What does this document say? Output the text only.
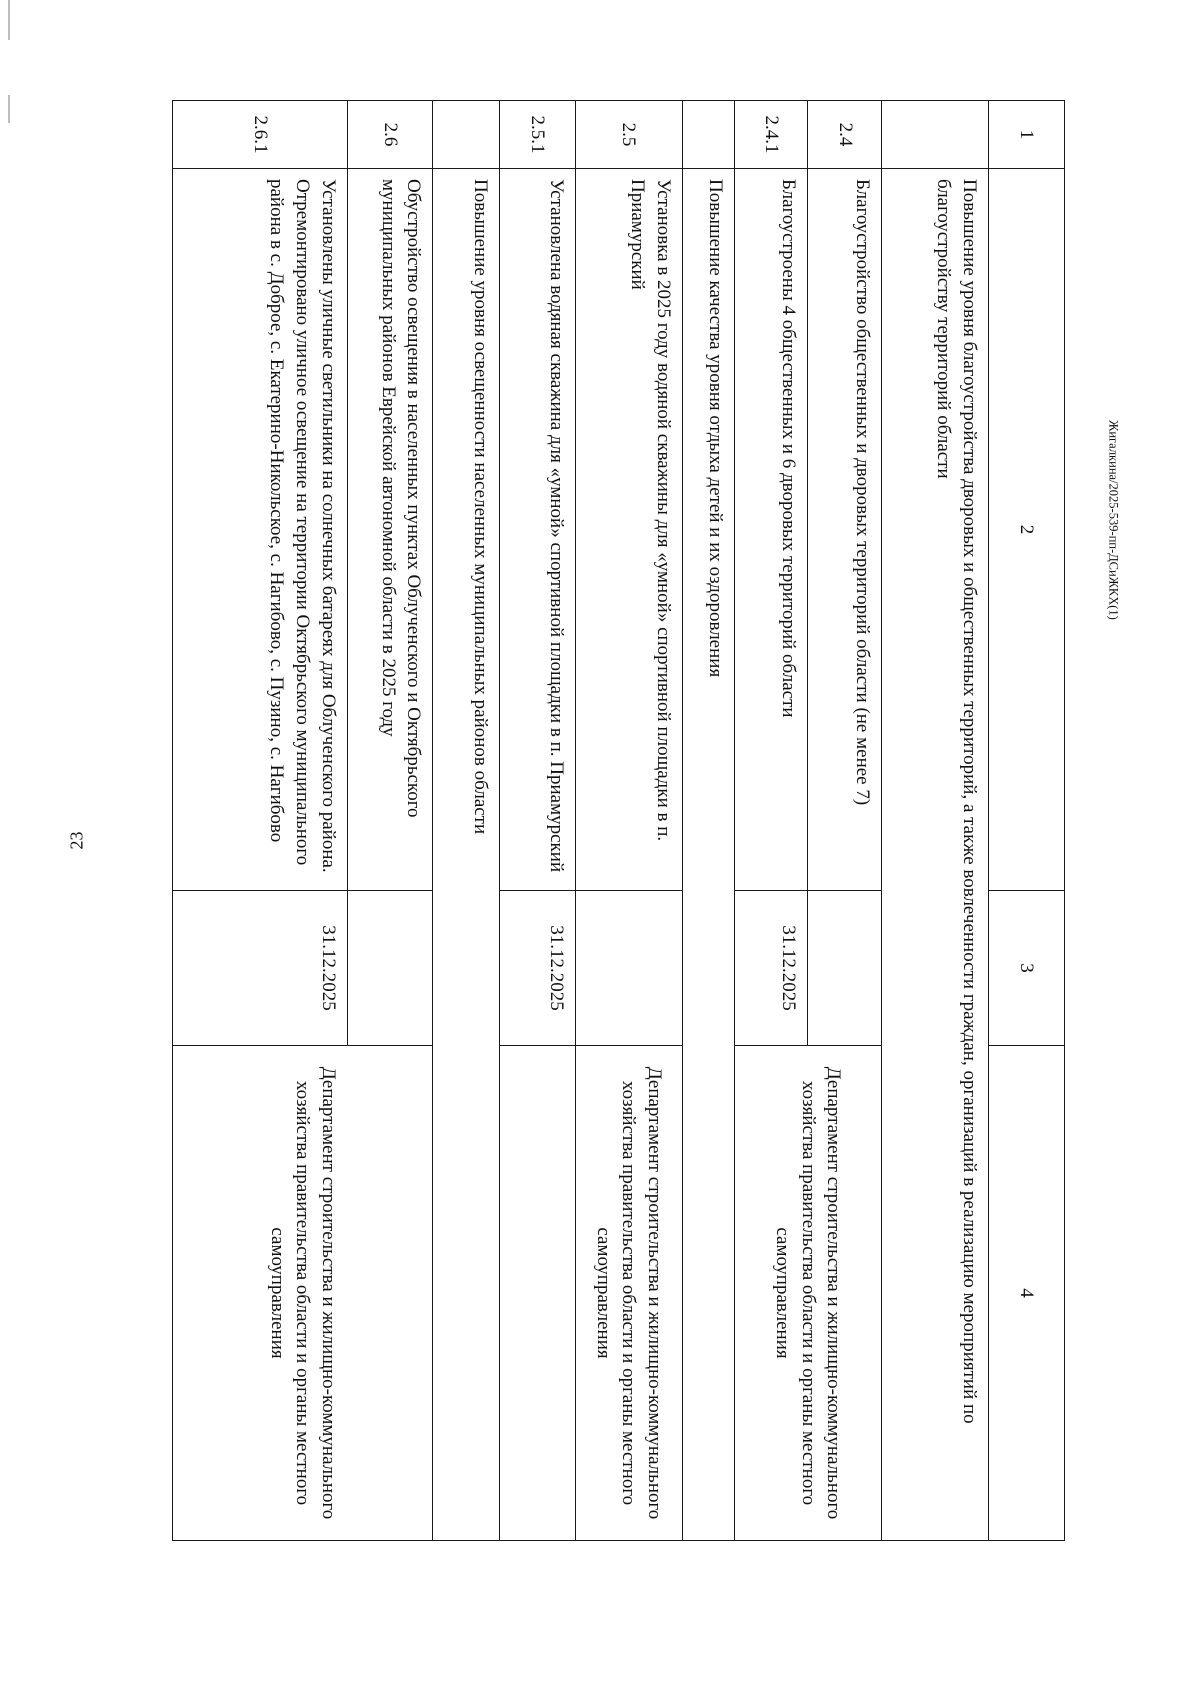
23
Жигалкина/2025-539-пп-ДСиЖКХ(1)
1	2	3	4
	Повышение уровня благоустройства дворовых и общественных территорий, а также вовлеченности граждан, организаций в реализацию мероприятий по благоустройству территорий области		
2.4	Благоустройство общественных и дворовых территорий области (не менее 7)		Департамент строительства и жилищно-коммунального хозяйства правительства области и органы местного самоуправления
2.4.1	Благоустроены 4 общественных и 6 дворовых территорий области	31.12.2025	
	Повышение качества уровня отдыха детей и их оздоровления		
2.5	Установка в 2025 году водяной скважины для «умной» спортивной площадки в п. Приамурский		Департамент строительства и жилищно-коммунального хозяйства правительства области и органы местного самоуправления
2.5.1	Установлена водяная скважина для «умной» спортивной площадки в п. Приамурский	31.12.2025	
	Повышение уровня освещенности населенных муниципальных районов области		
2.6	Обустройство освещения в населенных пунктах Облученского и Октябрьского муниципальных районов Еврейской автономной области в 2025 году		Департамент строительства и жилищно-коммунального хозяйства правительства области и органы местного самоуправления
2.6.1	Установлены уличные светильники на солнечных батареях для Облученского района. Отремонтировано уличное освещение на территории Октябрьского муниципального района в с. Доброе, с. Екатерино-Никольское, с. Нагибово, с. Пузино, с. Нагибово	31.12.2025	
